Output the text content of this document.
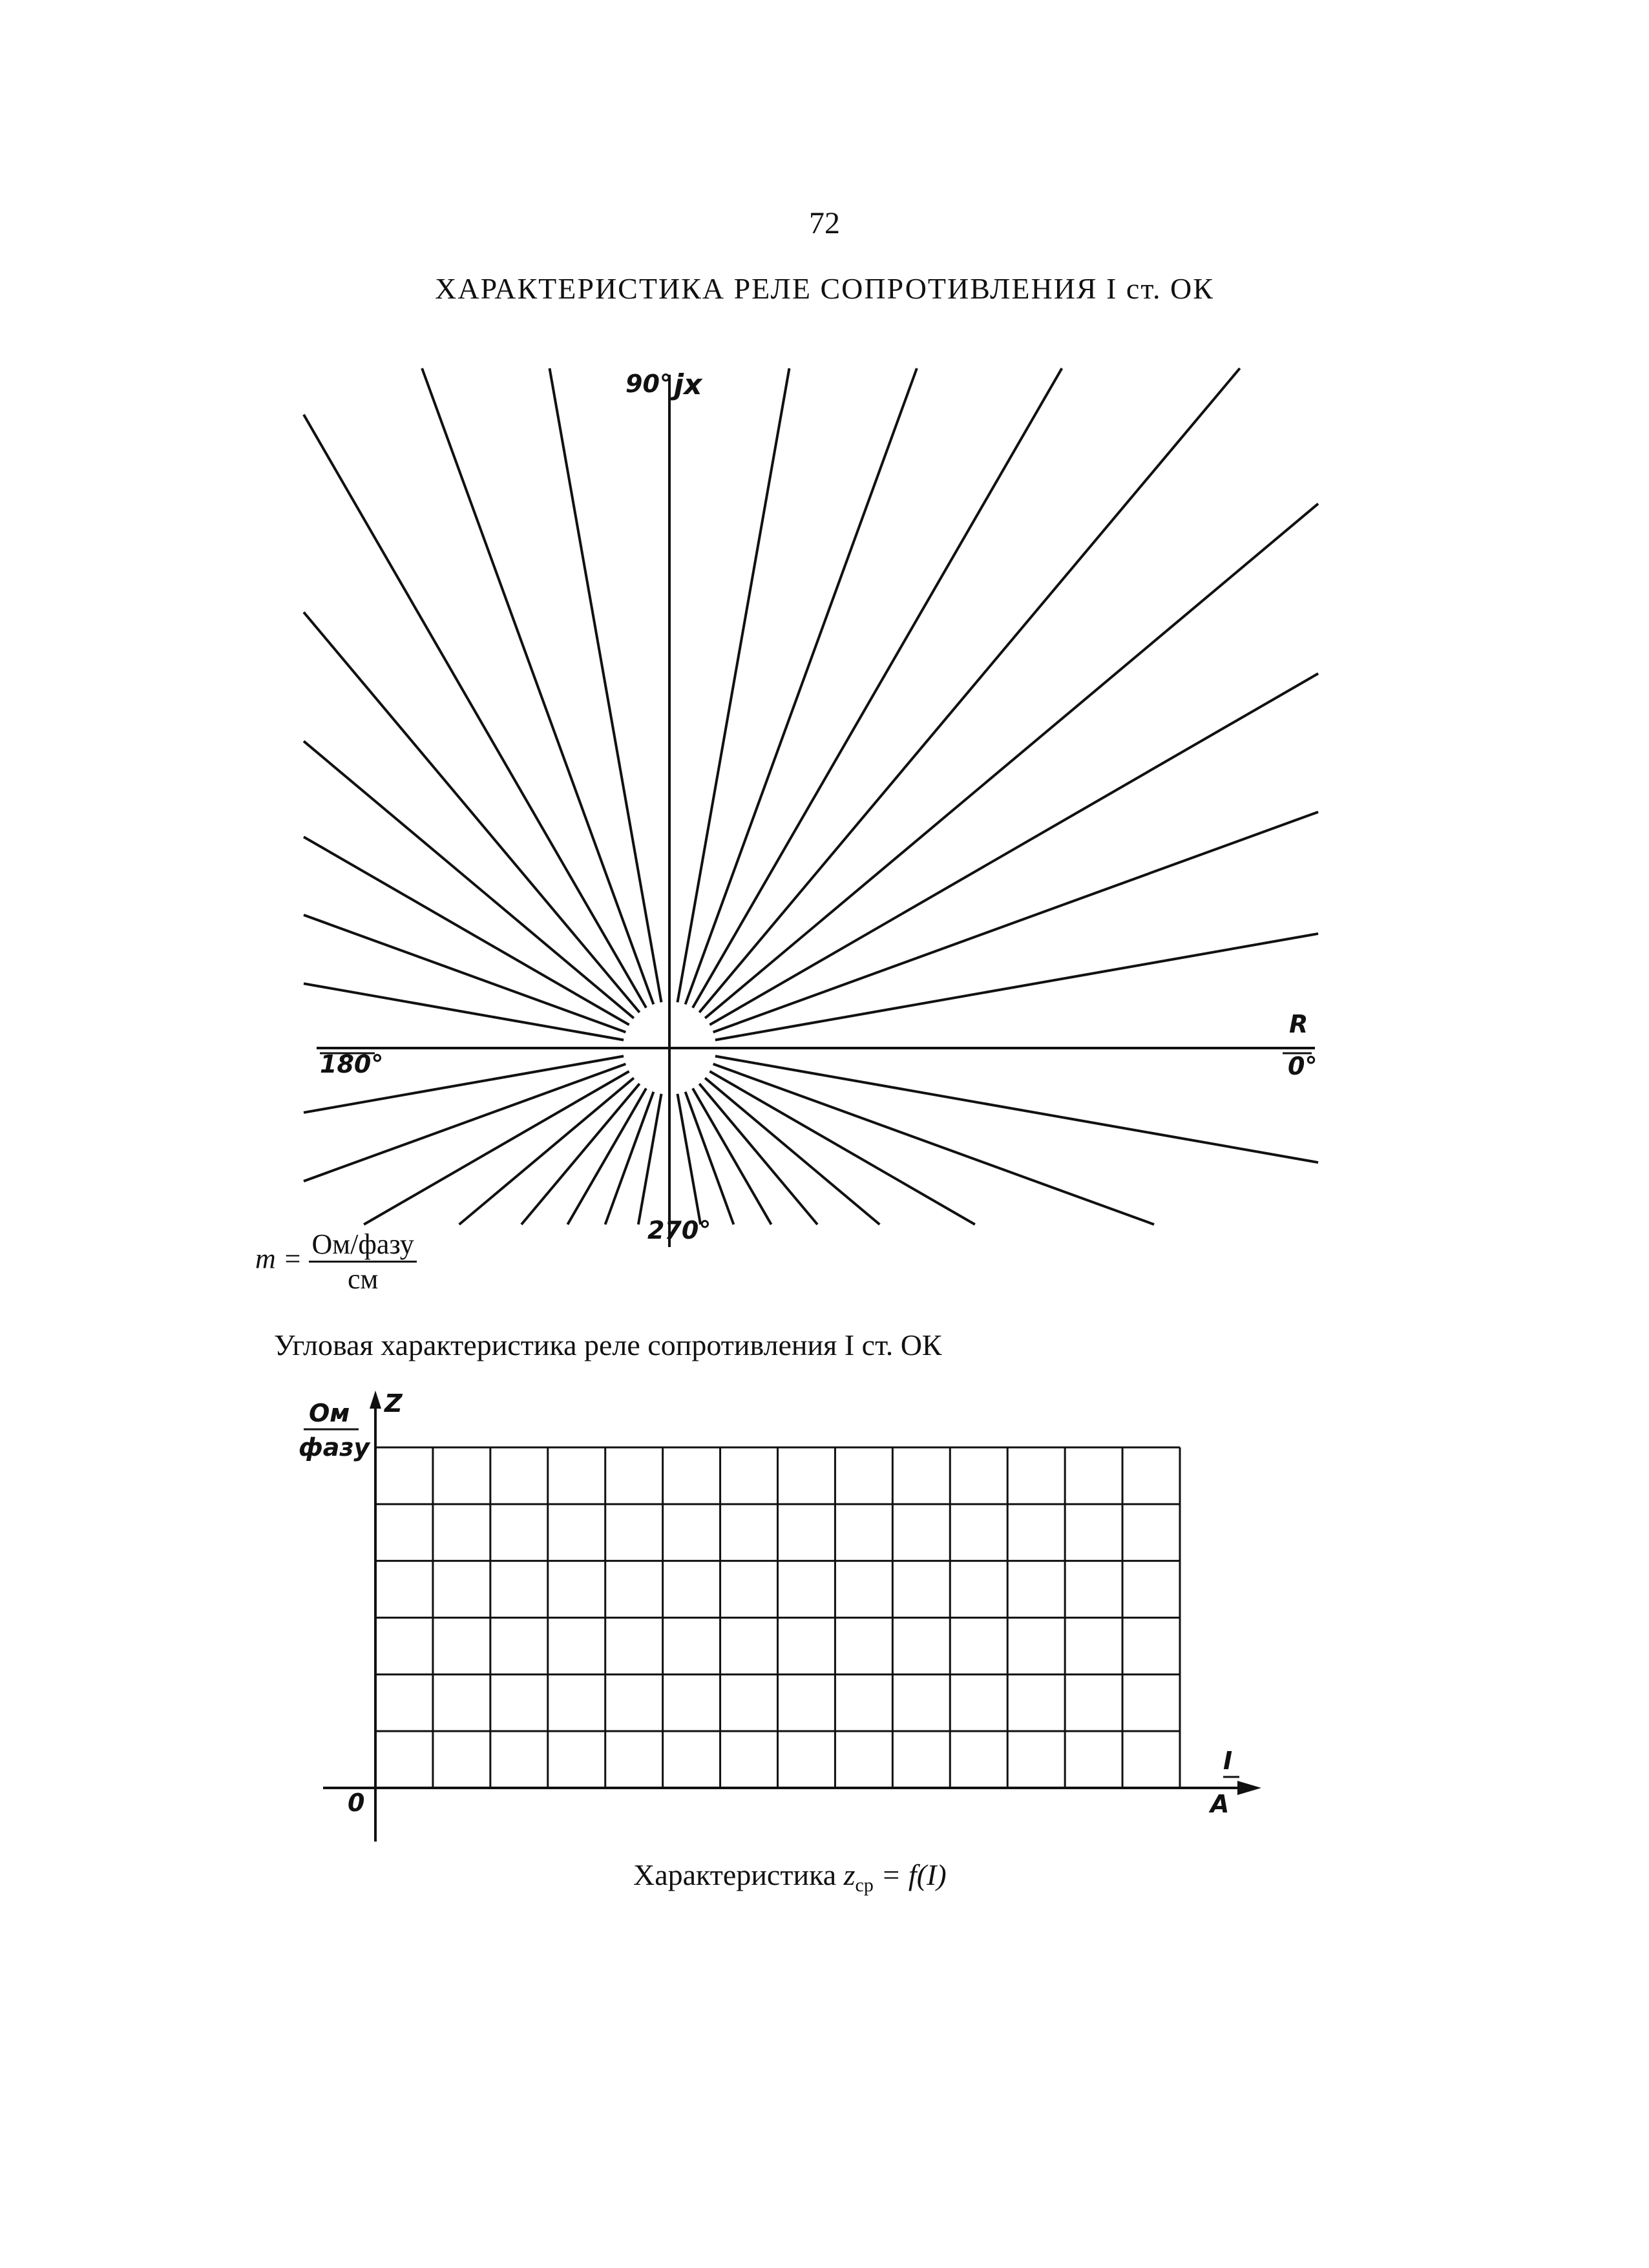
72
ХАРАКТЕРИСТИКА РЕЛЕ СОПРОТИВЛЕНИЯ I ст. ОК
90° jx
180°
R
0°
270°
$m = \frac{\text{Ом/фазу}}{см}$
Угловая характеристика реле сопротивления I ст. ОК
Ом
фазу
Z
0
I
A
Характеристика $z_{ср} = f(I)$
